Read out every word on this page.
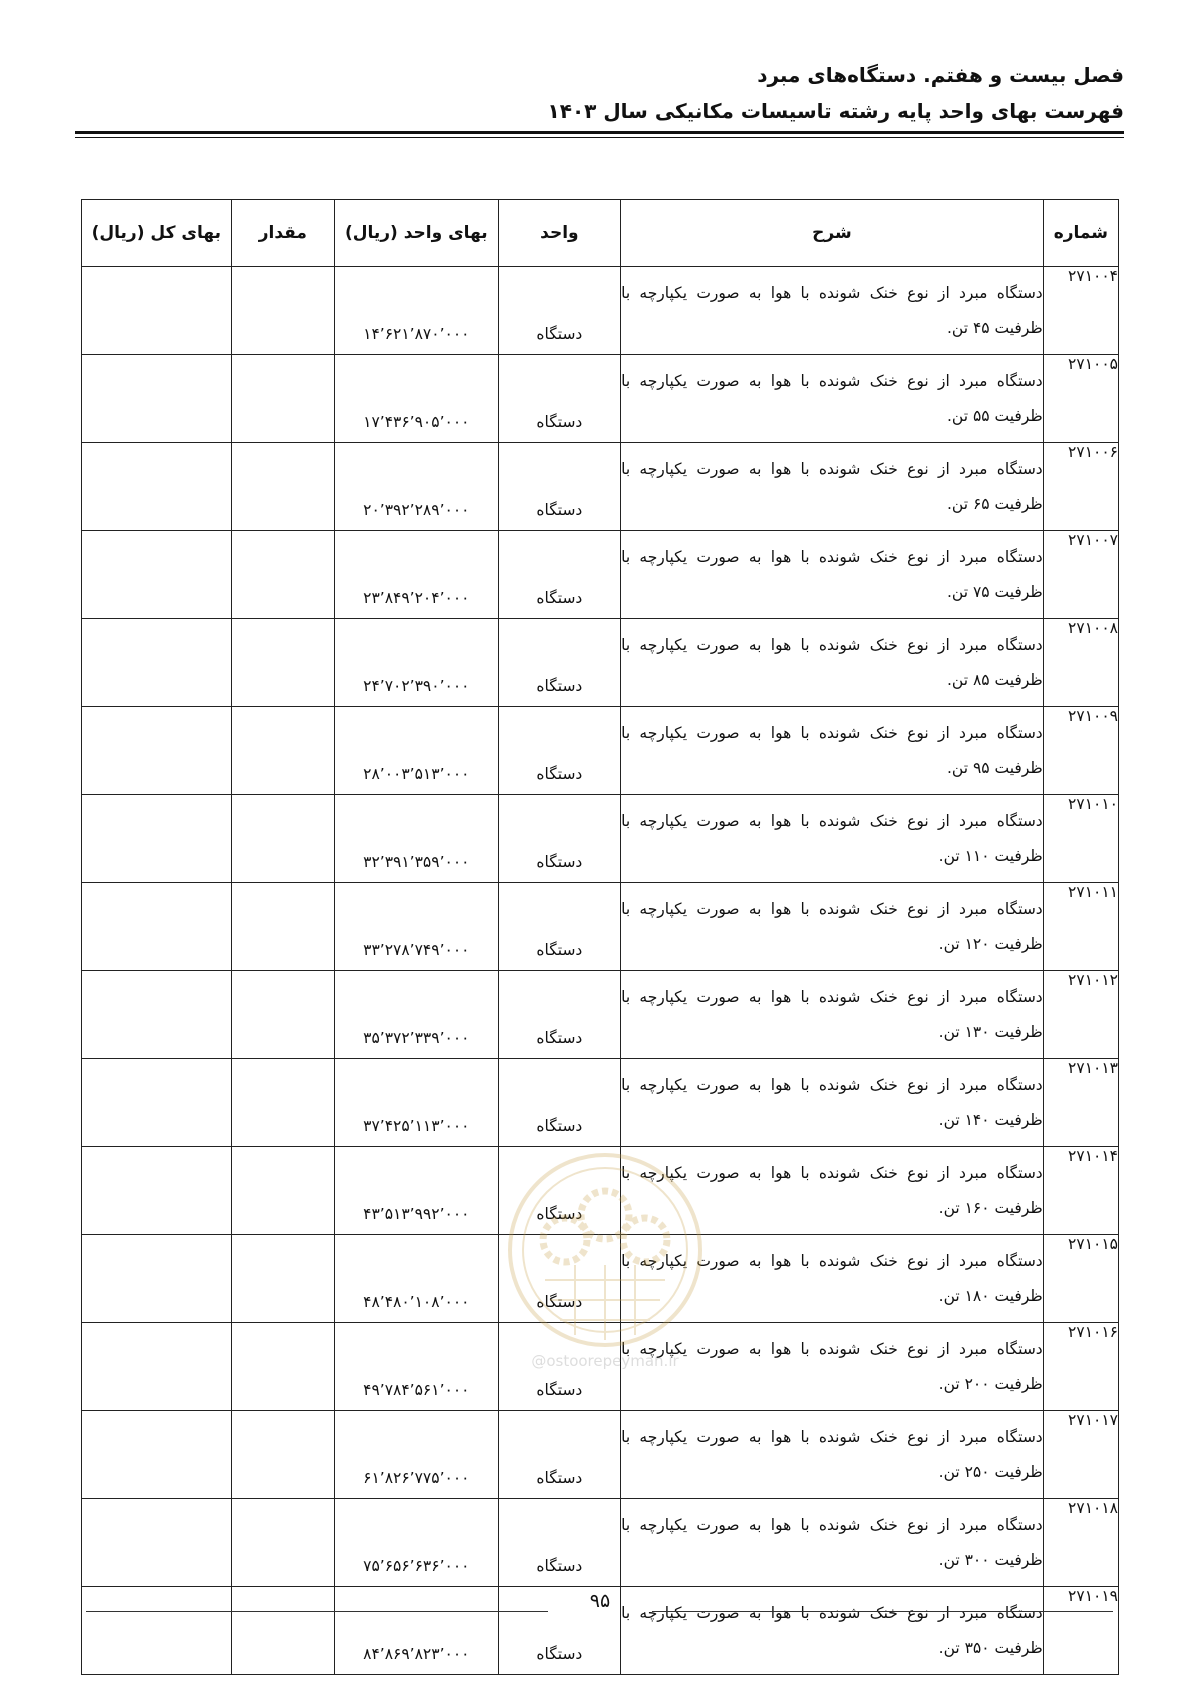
فصل بیست و هفتم. دستگاه‌های مبرد
فهرست بهای واحد پایه رشته تاسیسات مکانیکی سال ۱۴۰۳
شماره	شرح	واحد	بهای واحد (ریال)	مقدار	بهای کل (ریال)
۲۷۱۰۰۴	دستگاه مبرد از نوع خنک شونده با هوا به صورت یکپارچه با ظرفیت ۴۵ تن.	دستگاه	۱۴٬۶۲۱٬۸۷۰٬۰۰۰		
۲۷۱۰۰۵	دستگاه مبرد از نوع خنک شونده با هوا به صورت یکپارچه با ظرفیت ۵۵ تن.	دستگاه	۱۷٬۴۳۶٬۹۰۵٬۰۰۰		
۲۷۱۰۰۶	دستگاه مبرد از نوع خنک شونده با هوا به صورت یکپارچه با ظرفیت ۶۵ تن.	دستگاه	۲۰٬۳۹۲٬۲۸۹٬۰۰۰		
۲۷۱۰۰۷	دستگاه مبرد از نوع خنک شونده با هوا به صورت یکپارچه با ظرفیت ۷۵ تن.	دستگاه	۲۳٬۸۴۹٬۲۰۴٬۰۰۰		
۲۷۱۰۰۸	دستگاه مبرد از نوع خنک شونده با هوا به صورت یکپارچه با ظرفیت ۸۵ تن.	دستگاه	۲۴٬۷۰۲٬۳۹۰٬۰۰۰		
۲۷۱۰۰۹	دستگاه مبرد از نوع خنک شونده با هوا به صورت یکپارچه با ظرفیت ۹۵ تن.	دستگاه	۲۸٬۰۰۳٬۵۱۳٬۰۰۰		
۲۷۱۰۱۰	دستگاه مبرد از نوع خنک شونده با هوا به صورت یکپارچه با ظرفیت ۱۱۰ تن.	دستگاه	۳۲٬۳۹۱٬۳۵۹٬۰۰۰		
۲۷۱۰۱۱	دستگاه مبرد از نوع خنک شونده با هوا به صورت یکپارچه با ظرفیت ۱۲۰ تن.	دستگاه	۳۳٬۲۷۸٬۷۴۹٬۰۰۰		
۲۷۱۰۱۲	دستگاه مبرد از نوع خنک شونده با هوا به صورت یکپارچه با ظرفیت ۱۳۰ تن.	دستگاه	۳۵٬۳۷۲٬۳۳۹٬۰۰۰		
۲۷۱۰۱۳	دستگاه مبرد از نوع خنک شونده با هوا به صورت یکپارچه با ظرفیت ۱۴۰ تن.	دستگاه	۳۷٬۴۲۵٬۱۱۳٬۰۰۰		
۲۷۱۰۱۴	دستگاه مبرد از نوع خنک شونده با هوا به صورت یکپارچه با ظرفیت ۱۶۰ تن.	دستگاه	۴۳٬۵۱۳٬۹۹۲٬۰۰۰		
۲۷۱۰۱۵	دستگاه مبرد از نوع خنک شونده با هوا به صورت یکپارچه با ظرفیت ۱۸۰ تن.	دستگاه	۴۸٬۴۸۰٬۱۰۸٬۰۰۰		
۲۷۱۰۱۶	دستگاه مبرد از نوع خنک شونده با هوا به صورت یکپارچه با ظرفیت ۲۰۰ تن.	دستگاه	۴۹٬۷۸۴٬۵۶۱٬۰۰۰		
۲۷۱۰۱۷	دستگاه مبرد از نوع خنک شونده با هوا به صورت یکپارچه با ظرفیت ۲۵۰ تن.	دستگاه	۶۱٬۸۲۶٬۷۷۵٬۰۰۰		
۲۷۱۰۱۸	دستگاه مبرد از نوع خنک شونده با هوا به صورت یکپارچه با ظرفیت ۳۰۰ تن.	دستگاه	۷۵٬۶۵۶٬۶۳۶٬۰۰۰		
۲۷۱۰۱۹	دستگاه مبرد از نوع خنک شونده با هوا به صورت یکپارچه با ظرفیت ۳۵۰ تن.	دستگاه	۸۴٬۸۶۹٬۸۲۳٬۰۰۰		
@ostoorepeyman.ir
۹۵
